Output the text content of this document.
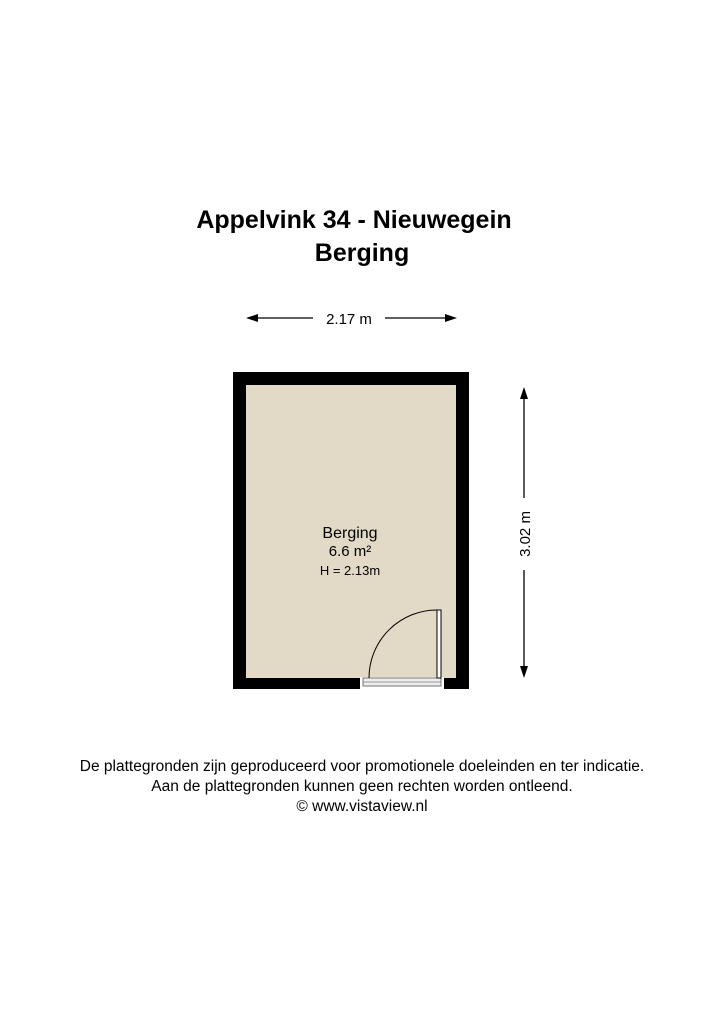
Appelvink 34 - Nieuwegein
Berging
2.17 m
3.02 m
Berging
6.6 m²
H = 2.13m
De plattegronden zijn geproduceerd voor promotionele doeleinden en ter indicatie.
Aan de plattegronden kunnen geen rechten worden ontleend.
© www.vistaview.nl
